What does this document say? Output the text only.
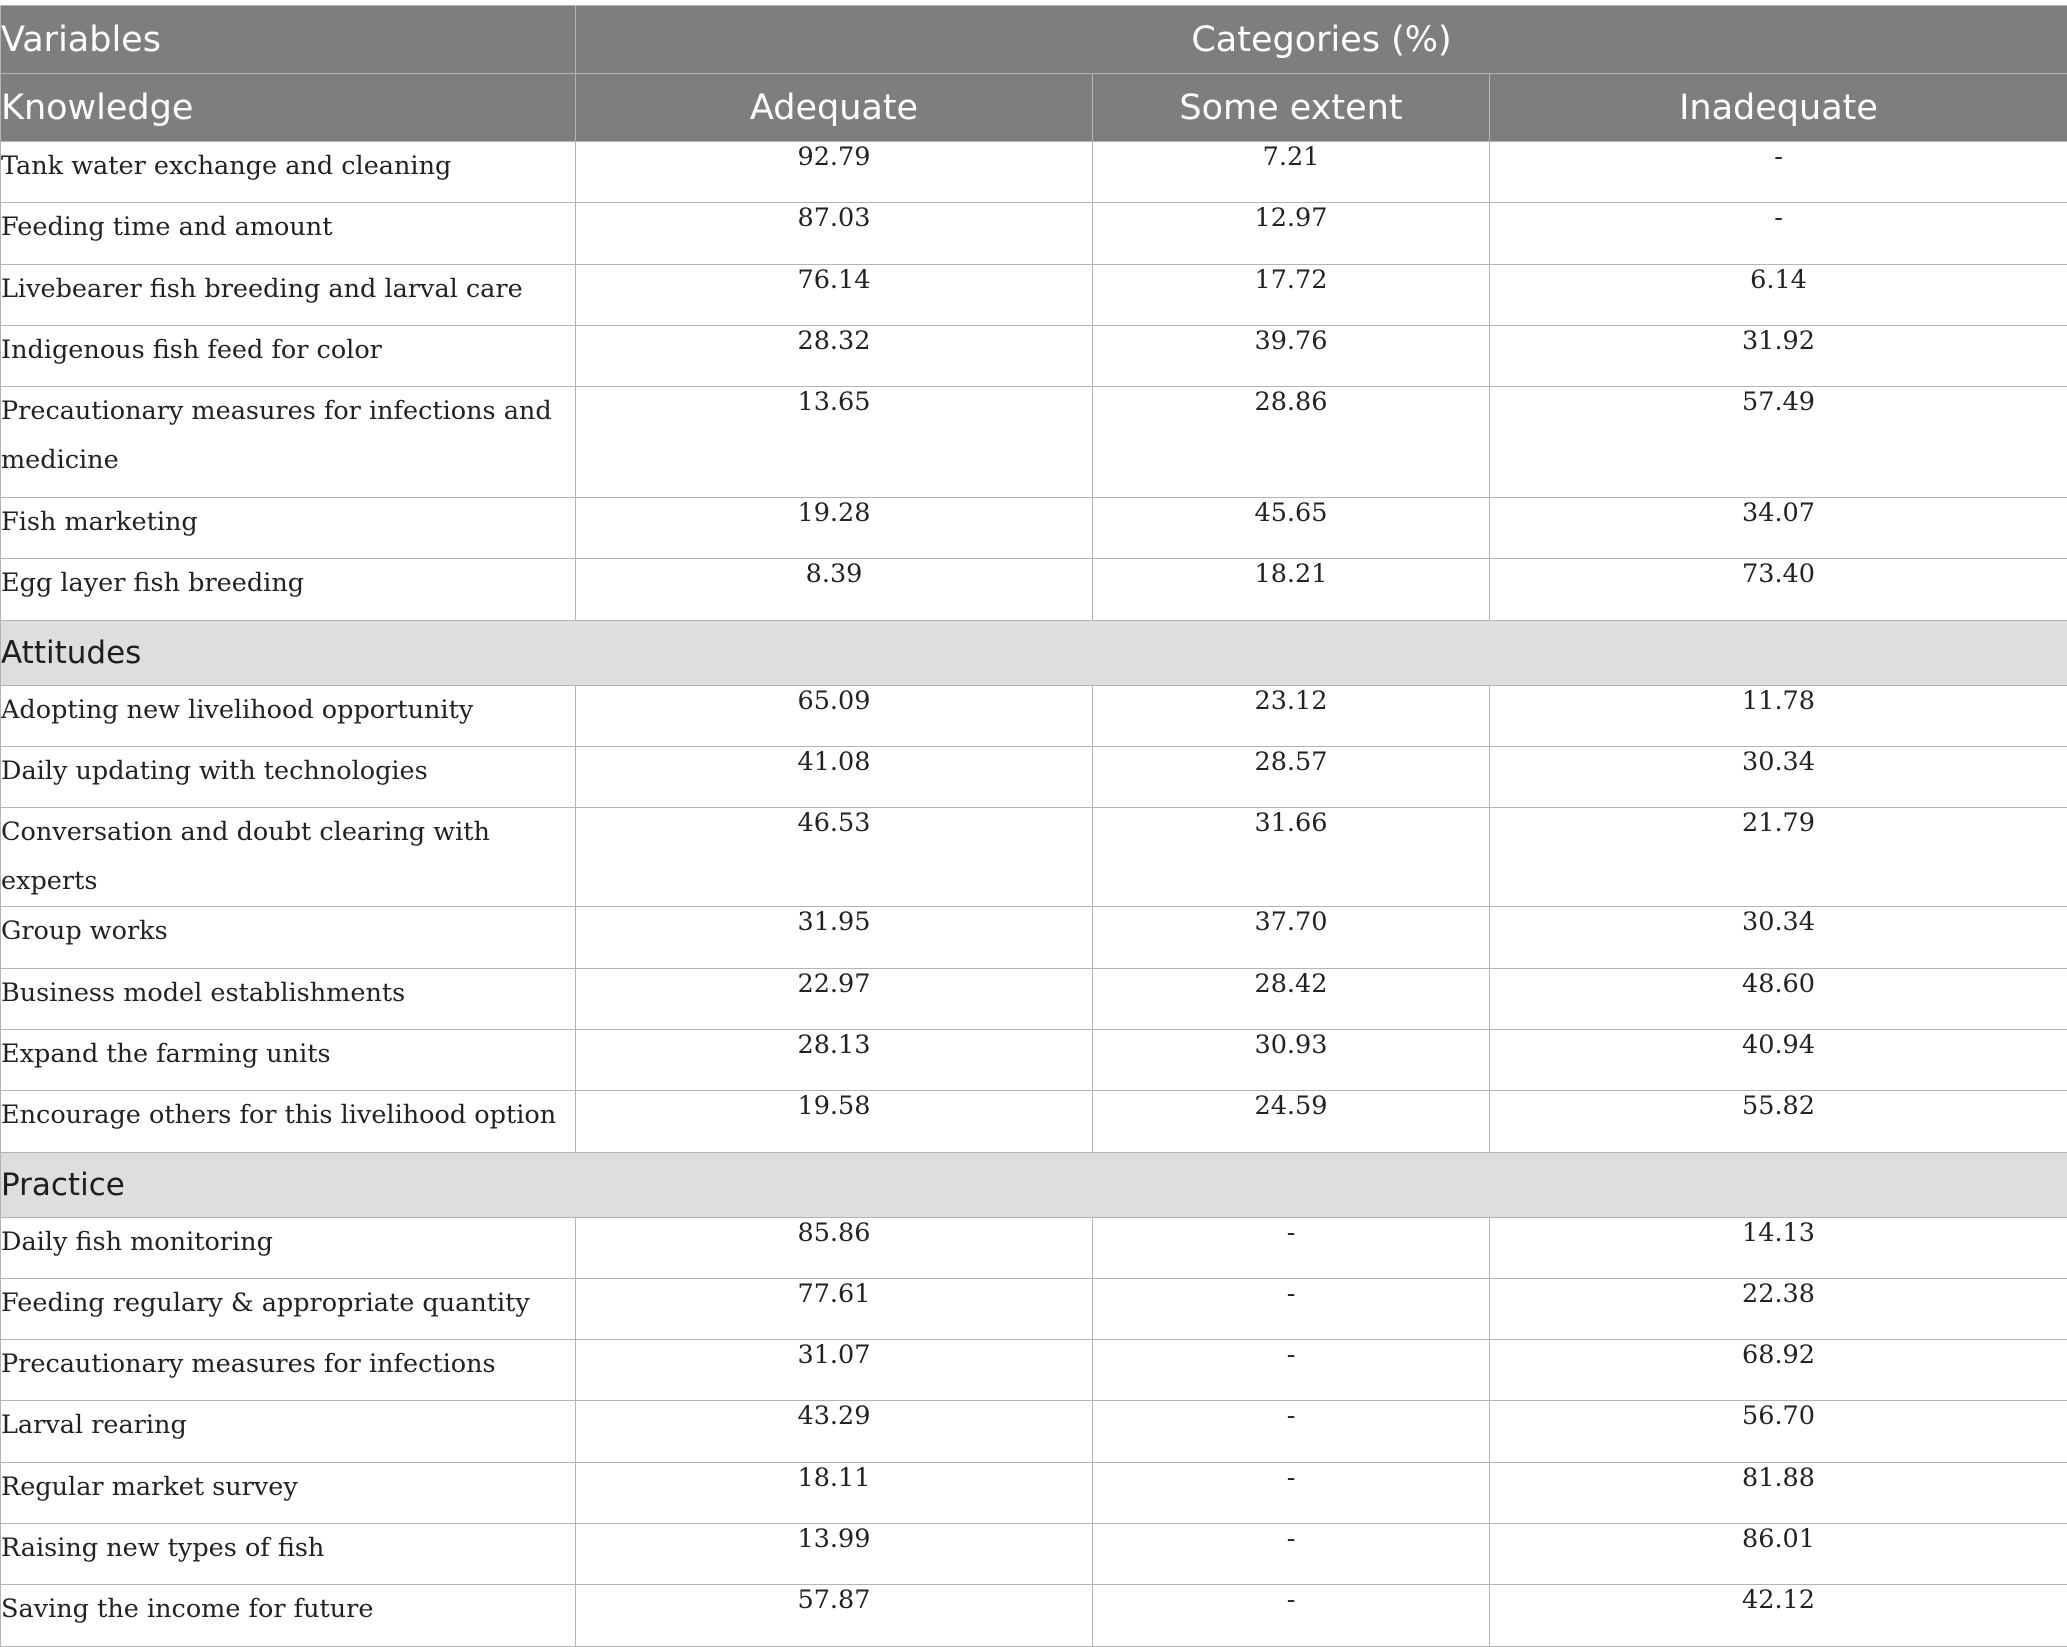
Variables	Categories (%)		
Knowledge	Adequate	Some extent	Inadequate
Tank water exchange and cleaning	92.79	7.21	-
Feeding time and amount	87.03	12.97	-
Livebearer fish breeding and larval care	76.14	17.72	6.14
Indigenous fish feed for color	28.32	39.76	31.92
Precautionary measures for infections and medicine	13.65	28.86	57.49
Fish marketing	19.28	45.65	34.07
Egg layer fish breeding	8.39	18.21	73.40
Attitudes			
Adopting new livelihood opportunity	65.09	23.12	11.78
Daily updating with technologies	41.08	28.57	30.34
Conversation and doubt clearing with experts	46.53	31.66	21.79
Group works	31.95	37.70	30.34
Business model establishments	22.97	28.42	48.60
Expand the farming units	28.13	30.93	40.94
Encourage others for this livelihood option	19.58	24.59	55.82
Practice			
Daily fish monitoring	85.86	-	14.13
Feeding regulary & appropriate quantity	77.61	-	22.38
Precautionary measures for infections	31.07	-	68.92
Larval rearing	43.29	-	56.70
Regular market survey	18.11	-	81.88
Raising new types of fish	13.99	-	86.01
Saving the income for future	57.87	-	42.12
